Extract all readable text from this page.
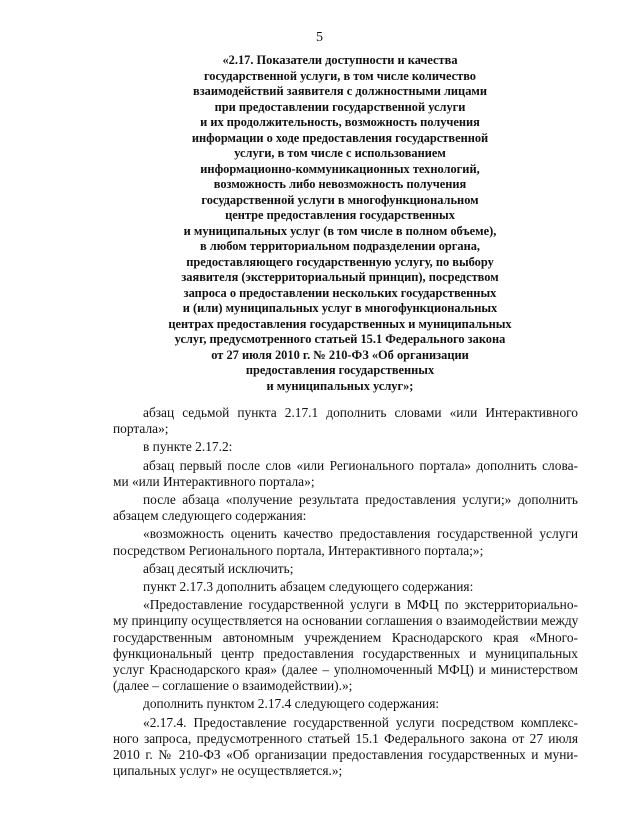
5
«2.17. Показатели доступности и качества
государственной услуги, в том числе количество
взаимодействий заявителя с должностными лицами
при предоставлении государственной услуги
и их продолжительность, возможность получения
информации о ходе предоставления государственной
услуги, в том числе с использованием
информационно-коммуникационных технологий,
возможность либо невозможность получения
государственной услуги в многофункциональном
центре предоставления государственных
и муниципальных услуг (в том числе в полном объеме),
в любом территориальном подразделении органа,
предоставляющего государственную услугу, по выбору
заявителя (экстерриториальный принцип), посредством
запроса о предоставлении нескольких государственных
и (или) муниципальных услуг в многофункциональных
центрах предоставления государственных и муниципальных
услуг, предусмотренного статьей 15.1 Федерального закона
от 27 июля 2010 г. № 210-ФЗ «Об организации
предоставления государственных
и муниципальных услуг»;
абзац седьмой пункта 2.17.1 дополнить словами «или Интерактивного
портала»;
в пункте 2.17.2:
абзац первый после слов «или Регионального портала» дополнить слова-
ми «или Интерактивного портала»;
после абзаца «получение результата предоставления услуги;» дополнить
абзацем следующего содержания:
«возможность оценить качество предоставления государственной услуги
посредством Регионального портала, Интерактивного портала;»;
абзац десятый исключить;
пункт 2.17.3 дополнить абзацем следующего содержания:
«Предоставление государственной услуги в МФЦ по экстерриториально-
му принципу осуществляется на основании соглашения о взаимодействии между
государственным автономным учреждением Краснодарского края «Много-
функциональный центр предоставления государственных и муниципальных
услуг Краснодарского края» (далее – уполномоченный МФЦ) и министерством
(далее – соглашение о взаимодействии).»;
дополнить пунктом 2.17.4 следующего содержания:
«2.17.4. Предоставление государственной услуги посредством комплекс-
ного запроса, предусмотренного статьей 15.1 Федерального закона от 27 июля
2010 г. № 210-ФЗ «Об организации предоставления государственных и муни-
ципальных услуг» не осуществляется.»;
